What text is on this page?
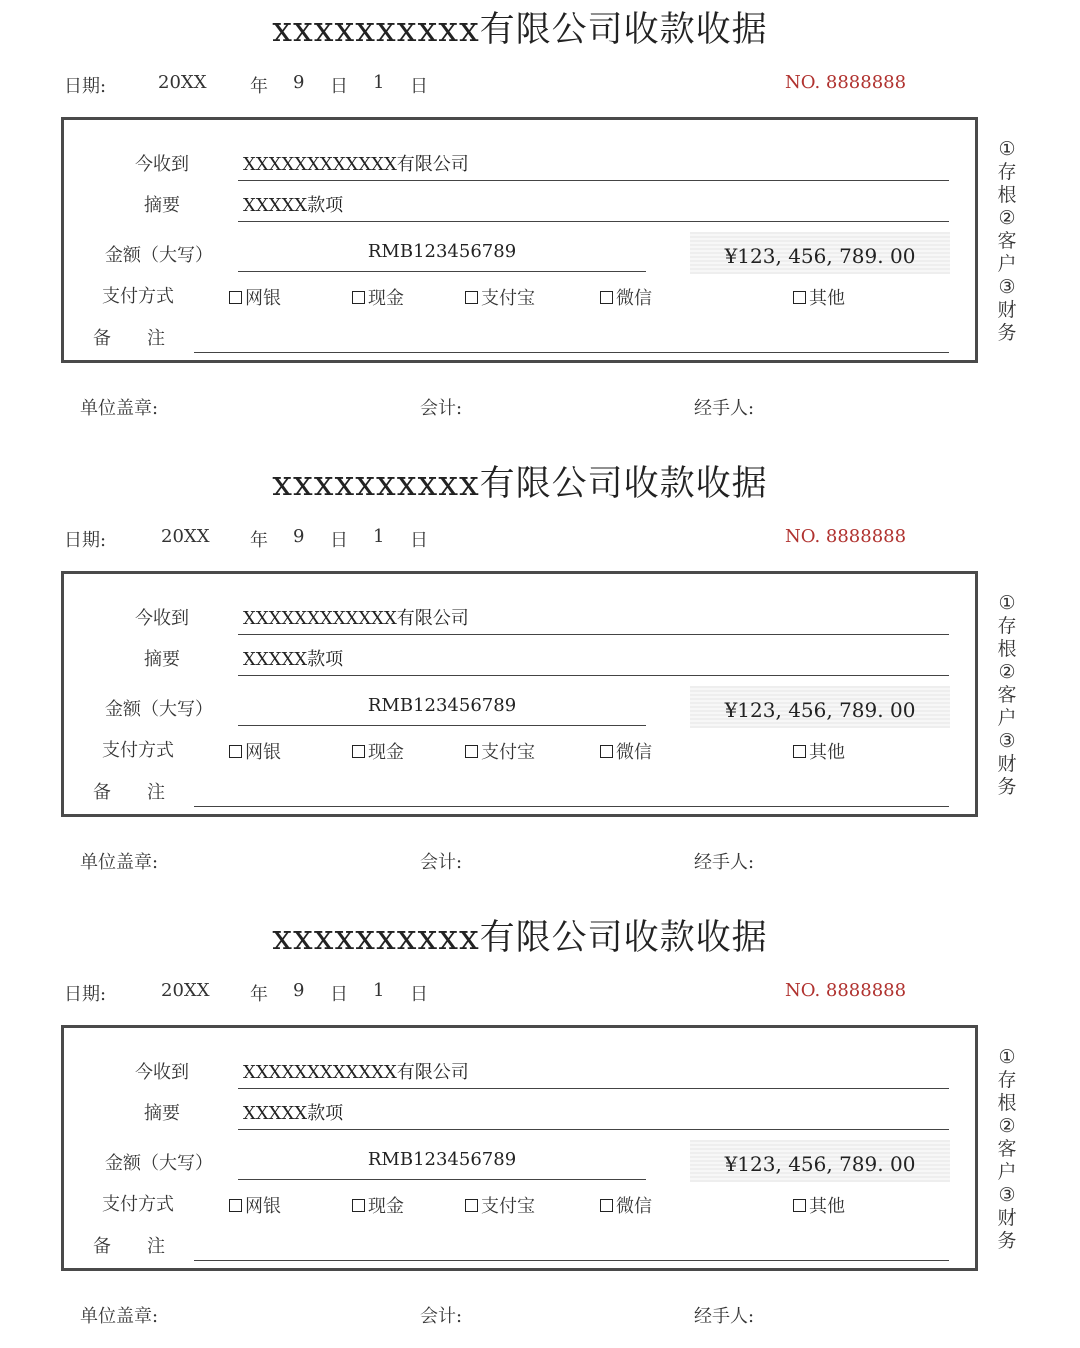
xxxxxxxxxx有限公司收款收据
日期:	20XX 年 9 日 1 日	NO. 8888888
今收到	XXXXXXXXXXXX有限公司
摘要	XXXXX款项
金额（大写）	RMB123456789	¥123, 456, 789. 00
支付方式	网银	现金	支付宝	微信	其他
备　　注
①
存
根
②
客
户
③
财
务
单位盖章:	会计:	经手人:
xxxxxxxxxx有限公司收款收据
日期:	20XX 年 9 日 1 日	NO. 8888888
今收到	XXXXXXXXXXXX有限公司
摘要	XXXXX款项
金额（大写）	RMB123456789	¥123, 456, 789. 00
支付方式	网银	现金	支付宝	微信	其他
备　　注
①
存
根
②
客
户
③
财
务
单位盖章:	会计:	经手人:
xxxxxxxxxx有限公司收款收据
日期:	20XX 年 9 日 1 日	NO. 8888888
今收到	XXXXXXXXXXXX有限公司
摘要	XXXXX款项
金额（大写）	RMB123456789	¥123, 456, 789. 00
支付方式	网银	现金	支付宝	微信	其他
备　　注
①
存
根
②
客
户
③
财
务
单位盖章:	会计:	经手人:
